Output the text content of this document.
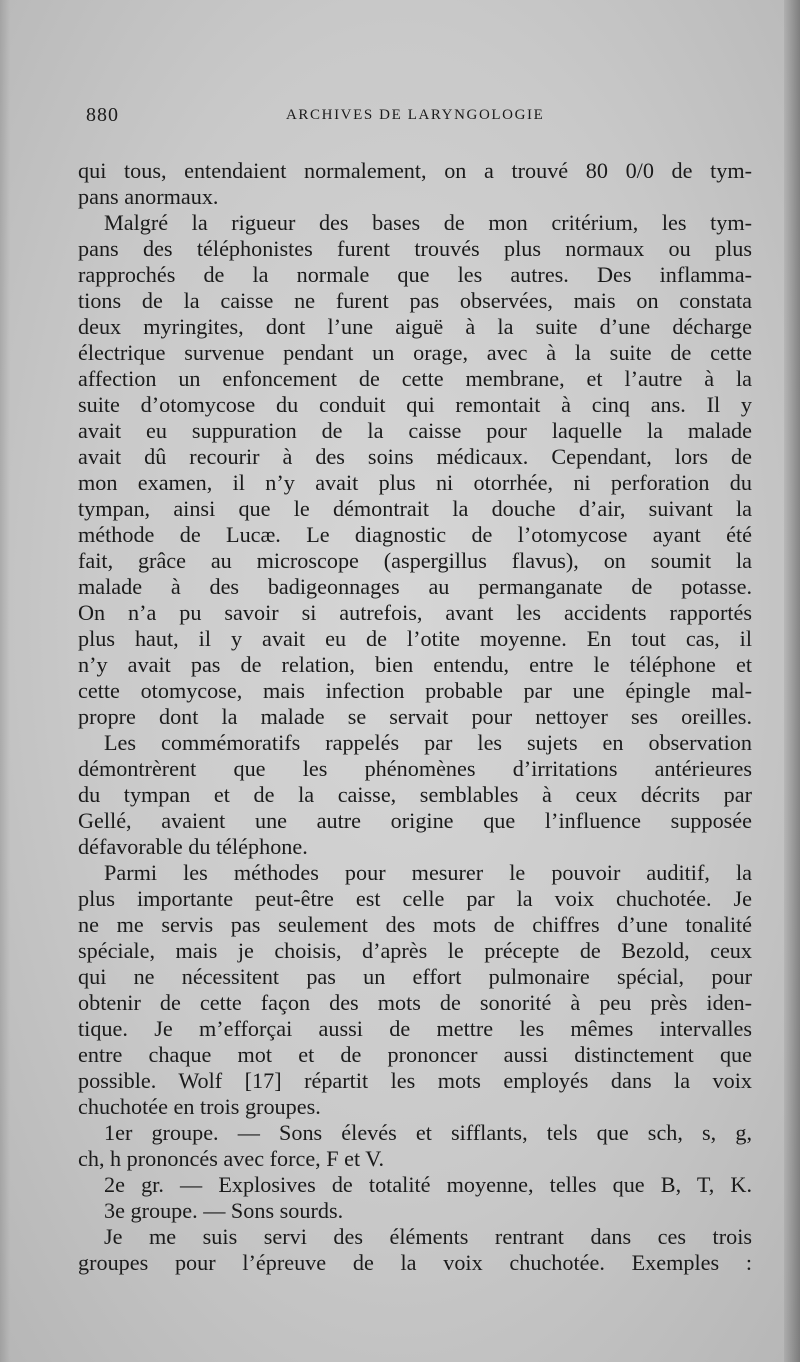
880	ARCHIVES DE LARYNGOLOGIE
qui tous, entendaient normalement, on a trouvé 80 0/0 de tym-
pans anormaux.
Malgré la rigueur des bases de mon critérium, les tym-
pans des téléphonistes furent trouvés plus normaux ou plus
rapprochés de la normale que les autres. Des inflamma-
tions de la caisse ne furent pas observées, mais on constata
deux myringites, dont l’une aiguë à la suite d’une décharge
électrique survenue pendant un orage, avec à la suite de cette
affection un enfoncement de cette membrane, et l’autre à la
suite d’otomycose du conduit qui remontait à cinq ans. Il y
avait eu suppuration de la caisse pour laquelle la malade
avait dû recourir à des soins médicaux. Cependant, lors de
mon examen, il n’y avait plus ni otorrhée, ni perforation du
tympan, ainsi que le démontrait la douche d’air, suivant la
méthode de Lucæ. Le diagnostic de l’otomycose ayant été
fait, grâce au microscope (aspergillus flavus), on soumit la
malade à des badigeonnages au permanganate de potasse.
On n’a pu savoir si autrefois, avant les accidents rapportés
plus haut, il y avait eu de l’otite moyenne. En tout cas, il
n’y avait pas de relation, bien entendu, entre le téléphone et
cette otomycose, mais infection probable par une épingle mal-
propre dont la malade se servait pour nettoyer ses oreilles.
Les commémoratifs rappelés par les sujets en observation
démontrèrent que les phénomènes d’irritations antérieures
du tympan et de la caisse, semblables à ceux décrits par
Gellé, avaient une autre origine que l’influence supposée
défavorable du téléphone.
Parmi les méthodes pour mesurer le pouvoir auditif, la
plus importante peut-être est celle par la voix chuchotée. Je
ne me servis pas seulement des mots de chiffres d’une tonalité
spéciale, mais je choisis, d’après le précepte de Bezold, ceux
qui ne nécessitent pas un effort pulmonaire spécial, pour
obtenir de cette façon des mots de sonorité à peu près iden-
tique. Je m’efforçai aussi de mettre les mêmes intervalles
entre chaque mot et de prononcer aussi distinctement que
possible. Wolf [17] répartit les mots employés dans la voix
chuchotée en trois groupes.
1er groupe. — Sons élevés et sifflants, tels que sch, s, g,
ch, h prononcés avec force, F et V.
2e gr. — Explosives de totalité moyenne, telles que B, T, K.
3e groupe. — Sons sourds.
Je me suis servi des éléments rentrant dans ces trois
groupes pour l’épreuve de la voix chuchotée. Exemples :
